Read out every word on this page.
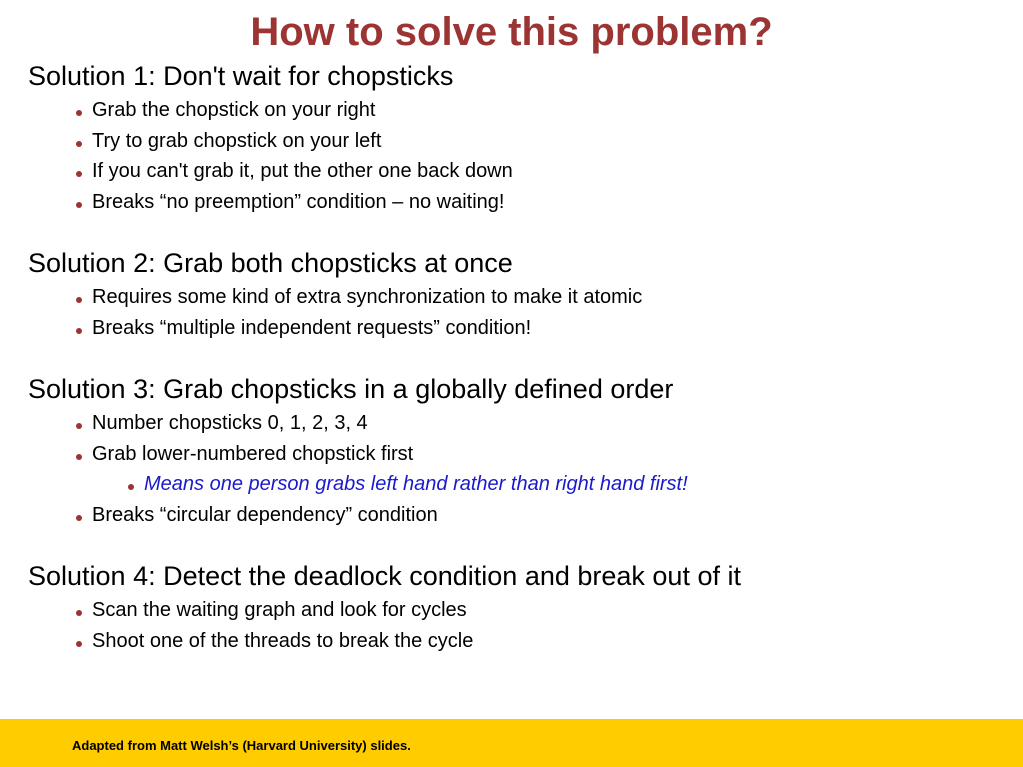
How to solve this problem?

Solution 1: Don't wait for chopsticks

Grab the chopstick on your right
Try to grab chopstick on your left
If you can't grab it, put the other one back down
Breaks “no preemption” condition – no waiting!

Solution 2: Grab both chopsticks at once

Requires some kind of extra synchronization to make it atomic
Breaks “multiple independent requests” condition!

Solution 3: Grab chopsticks in a globally defined order

Number chopsticks 0, 1, 2, 3, 4
Grab lower-numbered chopstick first
Means one person grabs left hand rather than right hand first!
Breaks “circular dependency” condition

Solution 4: Detect the deadlock condition and break out of it

Scan the waiting graph and look for cycles
Shoot one of the threads to break the cycle
Adapted from Matt Welsh’s (Harvard University) slides.
